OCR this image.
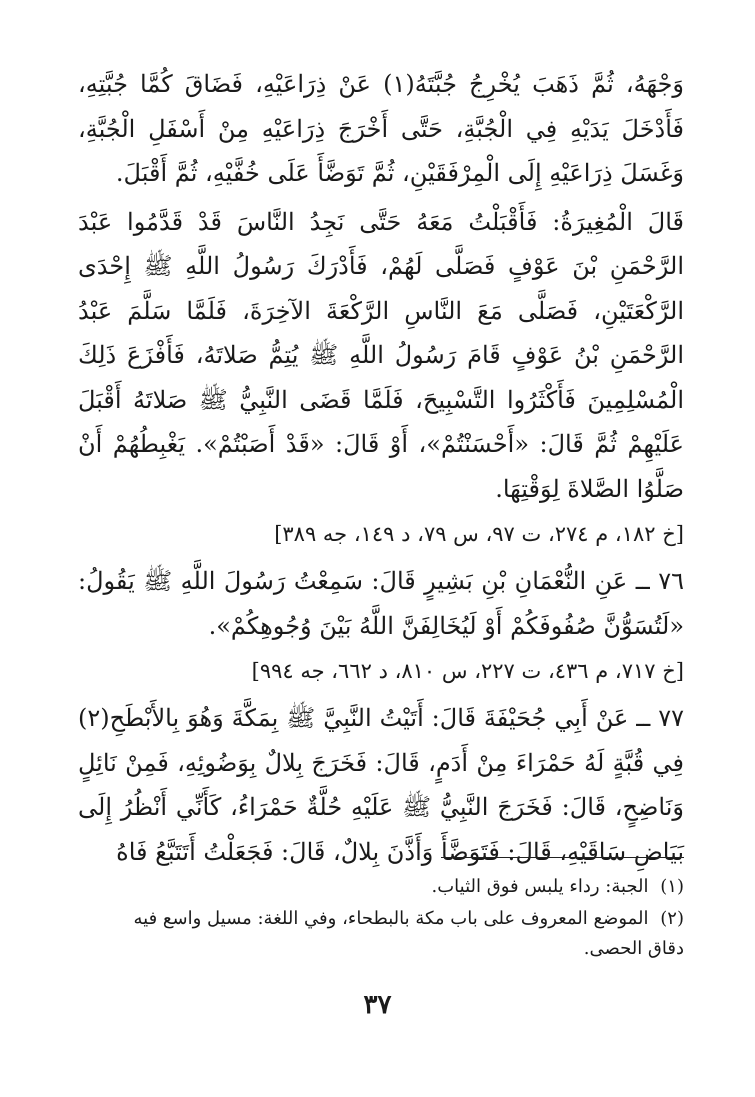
وَجْهَهُ، ثُمَّ ذَهَبَ يُخْرِجُ جُبَّتَهُ(١) عَنْ ذِرَاعَيْهِ، فَضَاقَ كُمَّا جُبَّتِهِ، فَأَدْخَلَ يَدَيْهِ فِي الْجُبَّةِ، حَتَّى أَخْرَجَ ذِرَاعَيْهِ مِنْ أَسْفَلِ الْجُبَّةِ، وَغَسَلَ ذِرَاعَيْهِ إِلَى الْمِرْفَقَيْنِ، ثُمَّ تَوَضَّأَ عَلَى خُفَّيْهِ، ثُمَّ أَقْبَلَ.

قَالَ الْمُغِيرَةُ: فَأَقْبَلْتُ مَعَهُ حَتَّى نَجِدُ النَّاسَ قَدْ قَدَّمُوا عَبْدَ الرَّحْمَنِ بْنَ عَوْفٍ فَصَلَّى لَهُمْ، فَأَدْرَكَ رَسُولُ اللَّهِ ﷺ إِحْدَى الرَّكْعَتَيْنِ، فَصَلَّى مَعَ النَّاسِ الرَّكْعَةَ الآخِرَةَ، فَلَمَّا سَلَّمَ عَبْدُ الرَّحْمَنِ بْنُ عَوْفٍ قَامَ رَسُولُ اللَّهِ ﷺ يُتِمُّ صَلاتَهُ، فَأَفْزَعَ ذَلِكَ الْمُسْلِمِينَ فَأَكْثَرُوا التَّسْبِيحَ، فَلَمَّا قَضَى النَّبِيُّ ﷺ صَلاتَهُ أَقْبَلَ عَلَيْهِمْ ثُمَّ قَالَ: «أَحْسَنْتُمْ»، أَوْ قَالَ: «قَدْ أَصَبْتُمْ». يَغْبِطُهُمْ أَنْ صَلَّوُا الصَّلاةَ لِوَقْتِهَا.

[خ ١٨٢، م ٢٧٤، ت ٩٧، س ٧٩، د ١٤٩، جه ٣٨٩]

٧٦ ــ عَنِ النُّعْمَانِ بْنِ بَشِيرٍ قَالَ: سَمِعْتُ رَسُولَ اللَّهِ ﷺ يَقُولُ: «لَتُسَوُّنَّ صُفُوفَكُمْ أَوْ لَيُخَالِفَنَّ اللَّهُ بَيْنَ وُجُوهِكُمْ».

[خ ٧١٧، م ٤٣٦، ت ٢٢٧، س ٨١٠، د ٦٦٢، جه ٩٩٤]

٧٧ ــ عَنْ أَبِي جُحَيْفَةَ قَالَ: أَتَيْتُ النَّبِيَّ ﷺ بِمَكَّةَ وَهُوَ بِالأَبْطَحِ(٢) فِي قُبَّةٍ لَهُ حَمْرَاءَ مِنْ أَدَمٍ، قَالَ: فَخَرَجَ بِلالٌ بِوَضُوئِهِ، فَمِنْ نَائِلٍ وَنَاضِحٍ، قَالَ: فَخَرَجَ النَّبِيُّ ﷺ عَلَيْهِ حُلَّةٌ حَمْرَاءُ، كَأَنِّي أَنْظُرُ إِلَى بَيَاضِ سَاقَيْهِ، قَالَ: فَتَوَضَّأَ وَأَذَّنَ بِلالٌ، قَالَ: فَجَعَلْتُ أَتَتَبَّعُ فَاهُ

(١) الجبة: رداء يلبس فوق الثياب.

(٢) الموضع المعروف على باب مكة بالبطحاء، وفي اللغة: مسيل واسع فيه دقاق الحصى.

٣٧
